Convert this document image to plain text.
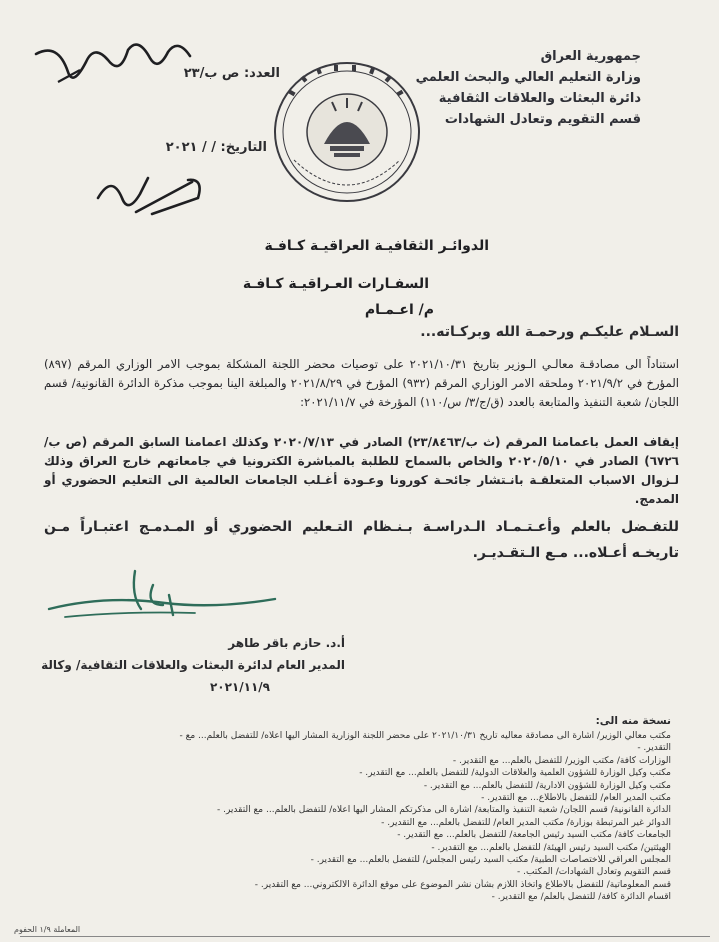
جمهورية العراق
وزارة التعليم العالي والبحث العلمي
دائرة البعثات والعلاقات الثقافية
قسم التقويم وتعادل الشهادات
العدد: ص ب/٢٣
التاريخ: / / ٢٠٢١
الدوائـر الثقافيـة العراقيـة كـافـة
السفـارات العـراقيـة كـافـة
م/ اعـمـام
السـلام عليكـم ورحمـة الله وبركـاته...
استناداً الى مصادقـة معالـي الـوزير بتاريخ ٢٠٢١/١٠/٣١ على توصيات محضر اللجنة المشكلة بموجب الامر الوزاري المرقم (٨٩٧) المؤرخ في ٢٠٢١/٩/٢ وملحقه الامر الوزاري المرقم (٩٣٢) المؤرخ في ٢٠٢١/٨/٢٩ والمبلغة الينا بموجب مذكرة الدائرة القانونية/ قسم اللجان/ شعبة التنفيذ والمتابعة بالعدد (ق/ج/٣/ س/١١٠) المؤرخة في ٢٠٢١/١١/٧:
إيقاف العمل باعمامنا المرقم (ث ب/٢٣/٨٤٦٣) الصادر في ٢٠٢٠/٧/١٣ وكذلك اعمامنا السابق المرقم (ص ب/٦٧٢٦) الصادر في ٢٠٢٠/٥/١٠ والخاص بالسماح للطلبة بالمباشرة الكترونيا في جامعاتهم خارج العراق وذلك لـزوال الاسباب المتعلقـة بانـتشار جائحـة كورونا وعـودة أغـلب الجامعات العالمية الى التعليم الحضوري أو المدمج.
للتفـضل بالعلم وأعـتـمـاد الـدراسـة بـنـظام التـعليم الحضوري أو المـدمـج اعتبـاراً مـن تاريخـه أعـلاه... مـع الـتقـديـر.
أ.د. حازم باقر طاهر
المدير العام لدائرة البعثات والعلاقات الثقافية/ وكالة
٢٠٢١/١١/٩
نسخة منه الى:
مكتب معالي الوزير/ اشارة الى مصادقة معاليه تاريخ ٢٠٢١/١٠/٣١ على محضر اللجنة الوزارية المشار اليها اعلاه/ للتفضل بالعلم... مع -
التقدير. -
الوزارات كافة/ مكتب الوزير/ للتفضل بالعلم... مع التقدير. -
مكتب وكيل الوزارة للشؤون العلمية والعلاقات الدولية/ للتفضل بالعلم... مع التقدير. -
مكتب وكيل الوزارة للشؤون الادارية/ للتفضل بالعلم... مع التقدير. -
مكتب المدير العام/ للتفضل بالاطلاع... مع التقدير. -
الدائرة القانونية/ قسم اللجان/ شعبة التنفيذ والمتابعة/ اشارة الى مذكرتكم المشار اليها اعلاه/ للتفضل بالعلم... مع التقدير. -
الدوائر غير المرتبطة بوزارة/ مكتب المدير العام/ للتفضل بالعلم... مع التقدير. -
الجامعات كافة/ مكتب السيد رئيس الجامعة/ للتفضل بالعلم... مع التقدير. -
الهيئتين/ مكتب السيد رئيس الهيئة/ للتفضل بالعلم... مع التقدير. -
المجلس العراقي للاختصاصات الطبية/ مكتب السيد رئيس المجلس/ للتفضل بالعلم... مع التقدير. -
قسم التقويم وتعادل الشهادات/ المكتب. -
قسم المعلوماتية/ للتفضل بالاطلاع واتخاذ اللازم بشأن نشر الموضوع على موقع الدائرة الالكتروني... مع التقدير. -
اقسام الدائرة كافة/ للتفضل بالعلم/ مع التقدير. -
المعاملة ١/٩ الحفوم
